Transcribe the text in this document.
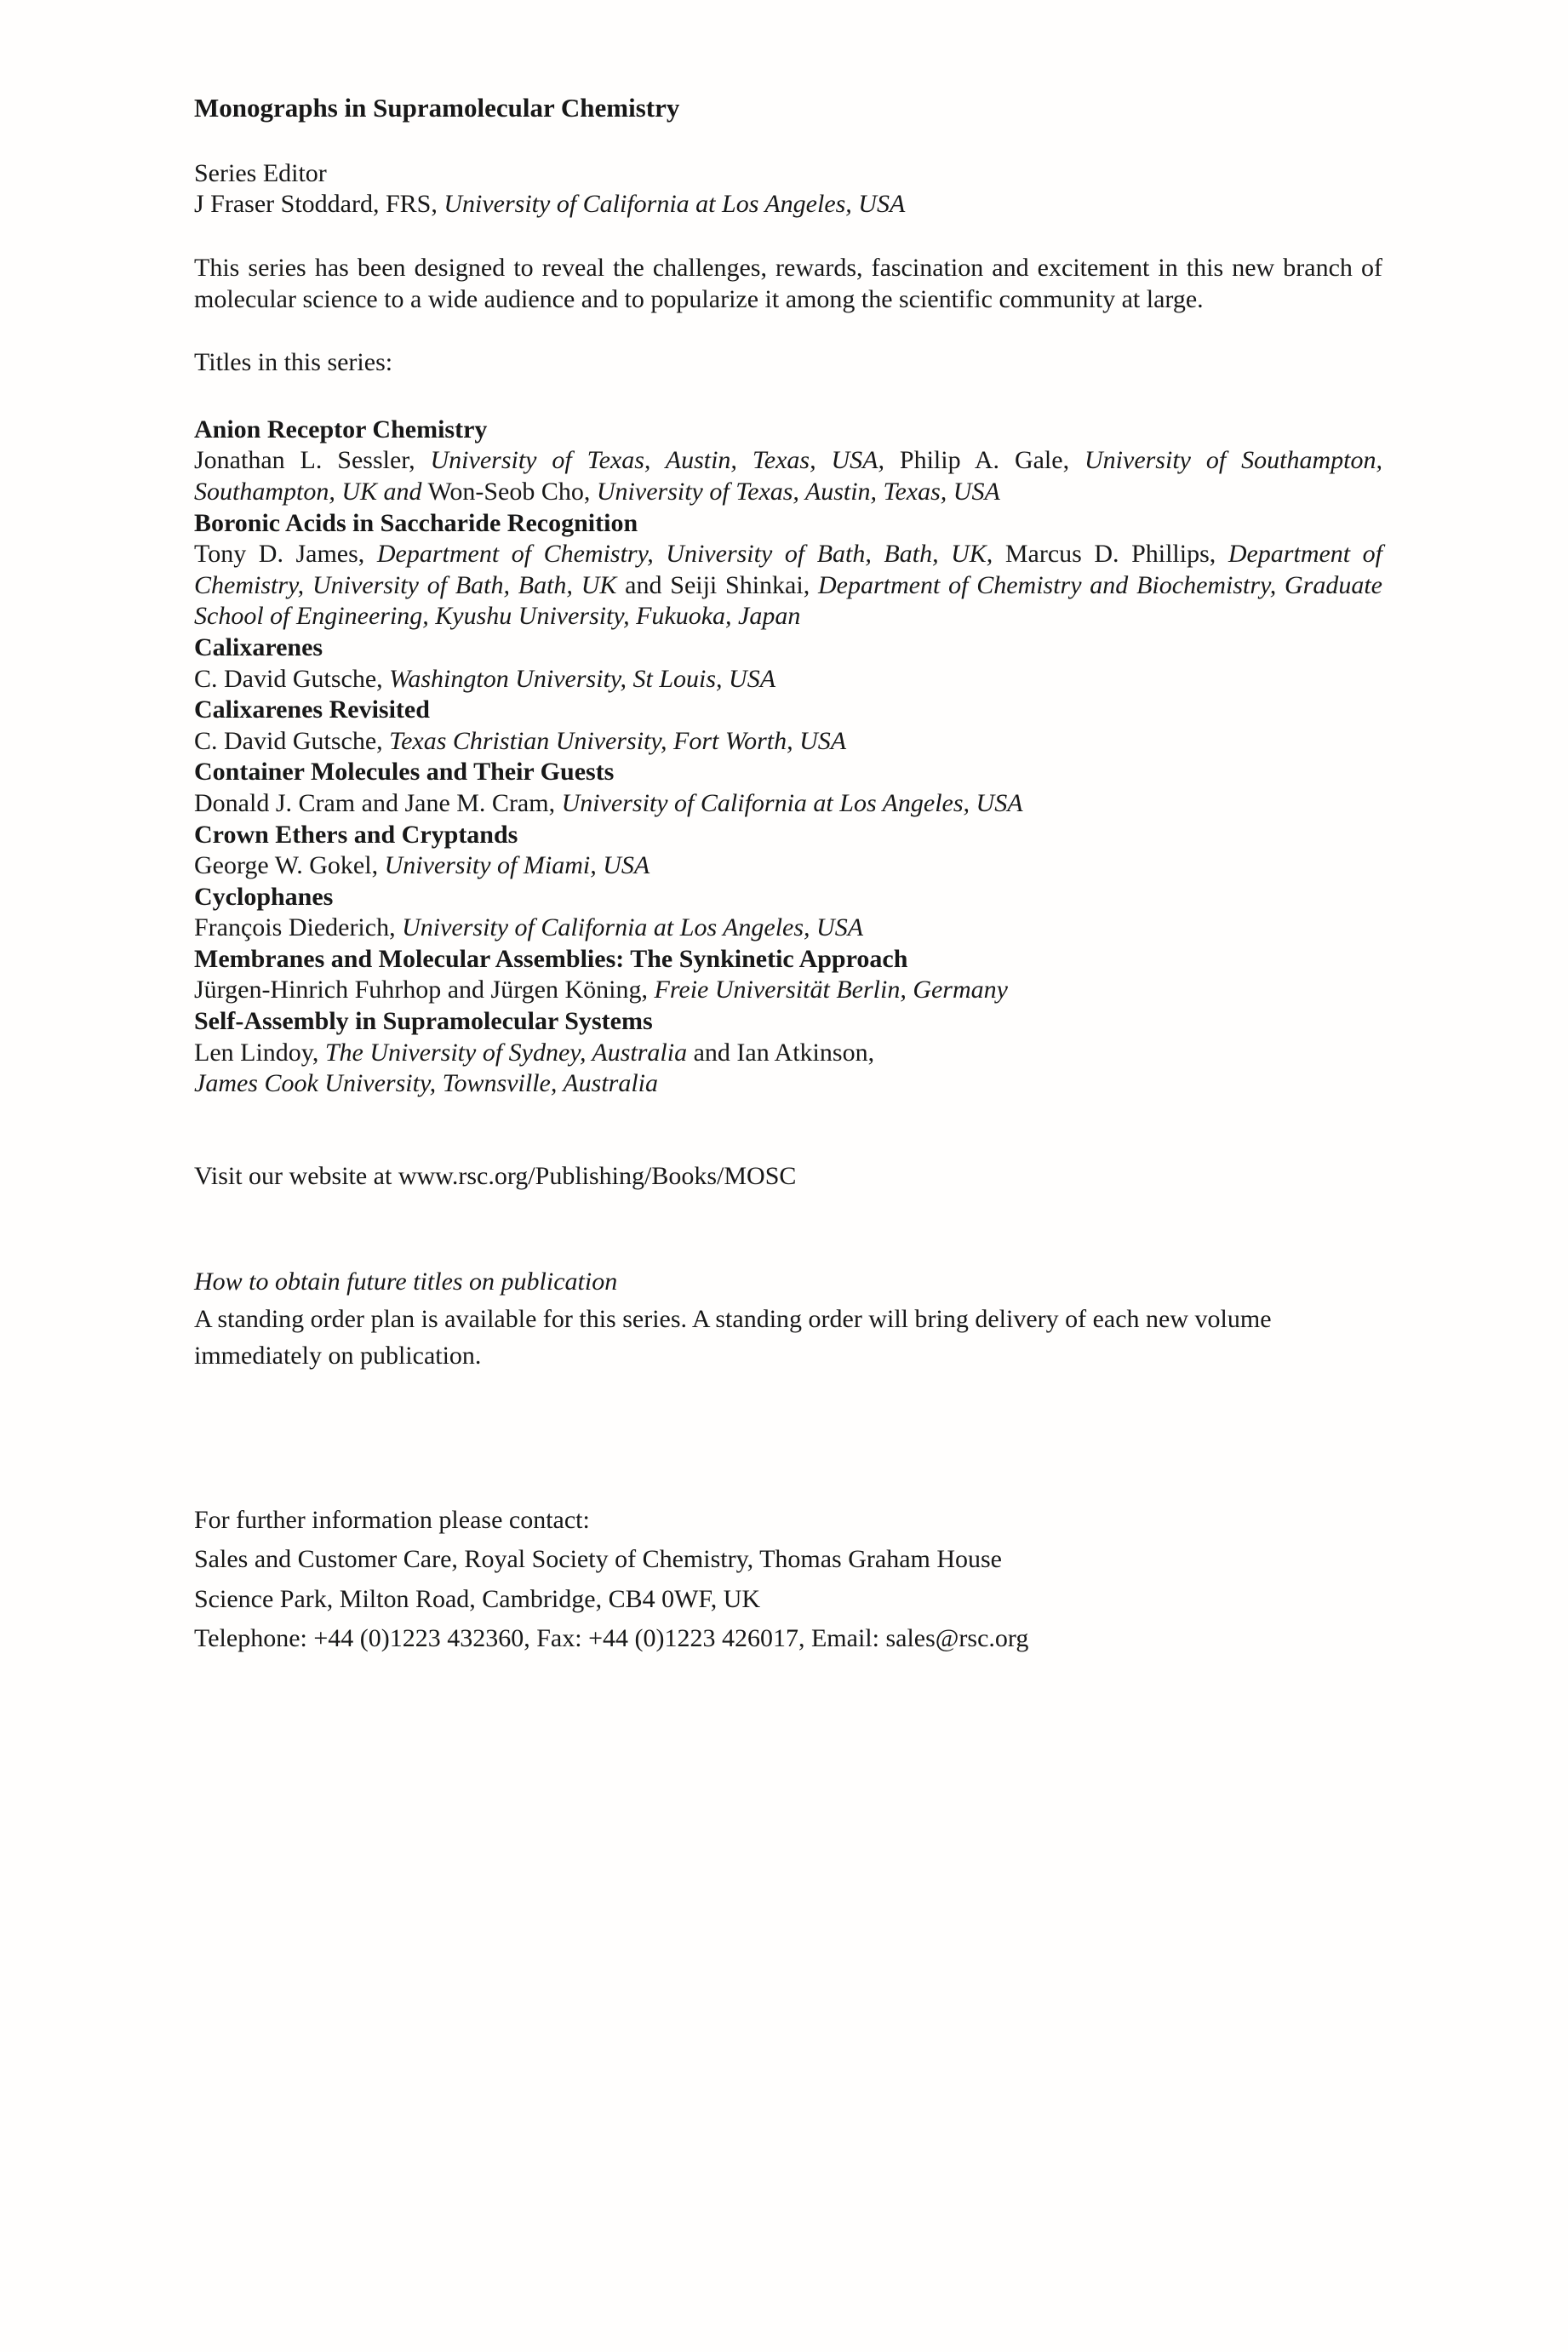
Monographs in Supramolecular Chemistry
Series Editor
J Fraser Stoddard, FRS, University of California at Los Angeles, USA
This series has been designed to reveal the challenges, rewards, fascination and excitement in this new branch of molecular science to a wide audience and to popularize it among the scientific community at large.
Titles in this series:
Anion Receptor Chemistry
Jonathan L. Sessler, University of Texas, Austin, Texas, USA, Philip A. Gale, University of Southampton, Southampton, UK and Won-Seob Cho, University of Texas, Austin, Texas, USA
Boronic Acids in Saccharide Recognition
Tony D. James, Department of Chemistry, University of Bath, Bath, UK, Marcus D. Phillips, Department of Chemistry, University of Bath, Bath, UK and Seiji Shinkai, Department of Chemistry and Biochemistry, Graduate School of Engineering, Kyushu University, Fukuoka, Japan
Calixarenes
C. David Gutsche, Washington University, St Louis, USA
Calixarenes Revisited
C. David Gutsche, Texas Christian University, Fort Worth, USA
Container Molecules and Their Guests
Donald J. Cram and Jane M. Cram, University of California at Los Angeles, USA
Crown Ethers and Cryptands
George W. Gokel, University of Miami, USA
Cyclophanes
François Diederich, University of California at Los Angeles, USA
Membranes and Molecular Assemblies: The Synkinetic Approach
Jürgen-Hinrich Fuhrhop and Jürgen Köning, Freie Universität Berlin, Germany
Self-Assembly in Supramolecular Systems
Len Lindoy, The University of Sydney, Australia and Ian Atkinson,
James Cook University, Townsville, Australia
Visit our website at www.rsc.org/Publishing/Books/MOSC
How to obtain future titles on publication
A standing order plan is available for this series. A standing order will bring delivery of each new volume immediately on publication.
For further information please contact:
Sales and Customer Care, Royal Society of Chemistry, Thomas Graham House
Science Park, Milton Road, Cambridge, CB4 0WF, UK
Telephone: +44 (0)1223 432360, Fax: +44 (0)1223 426017, Email: sales@rsc.org
